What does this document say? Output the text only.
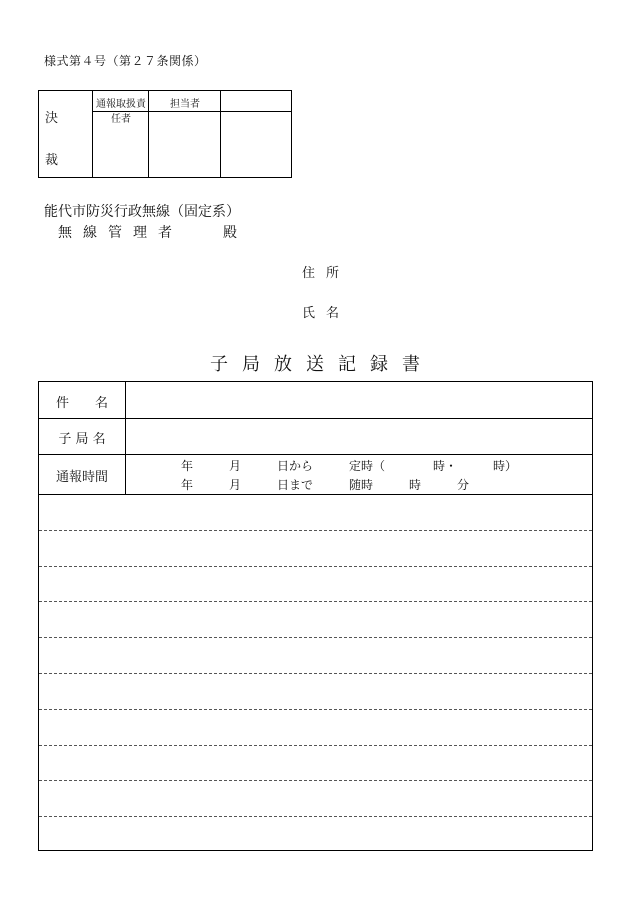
様式第４号（第２７条関係）
決
裁
通報取扱責任者
担当者
能代市防災行政無線（固定系）
無線管理者	殿
住所
氏名
子局放送記録書
件　　名
子 局 名
通報時間
年　　　月　　　日から　　　定時（　　　　時・　　　時）
年　　　月　　　日まで　　　随時　　　時　　　分
